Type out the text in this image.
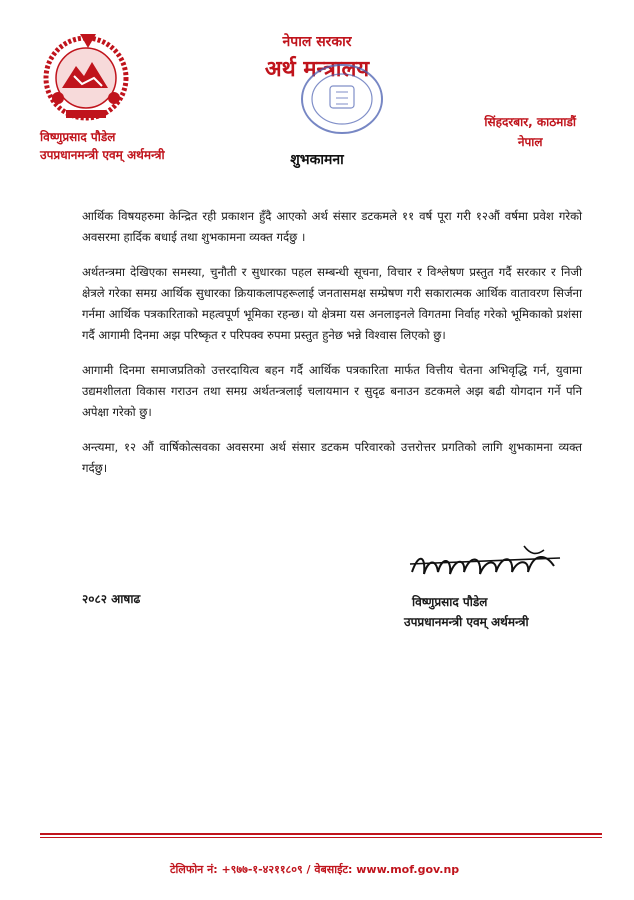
विष्णुप्रसाद पौडेल
उपप्रधानमन्त्री एवम् अर्थमन्त्री
नेपाल सरकार
अर्थ मन्त्रालय
सिंहदरबार, काठमाडौं
नेपाल
शुभकामना

आर्थिक विषयहरुमा केन्द्रित रही प्रकाशन हुँदै आएको अर्थ संसार डटकमले ११ वर्ष पूरा गरी १२औं वर्षमा प्रवेश गरेको अवसरमा हार्दिक बधाई तथा शुभकामना व्यक्त गर्दछु ।

अर्थतन्त्रमा देखिएका समस्या, चुनौती र सुधारका पहल सम्बन्धी सूचना, विचार र विश्लेषण प्रस्तुत गर्दै सरकार र निजी क्षेत्रले गरेका समग्र आर्थिक सुधारका क्रियाकलापहरूलाई जनतासमक्ष सम्प्रेषण गरी सकारात्मक आर्थिक वातावरण सिर्जना गर्नमा आर्थिक पत्रकारिताको महत्वपूर्ण भूमिका रहन्छ। यो क्षेत्रमा यस अनलाइनले विगतमा निर्वाह गरेको भूमिकाको प्रशंसा गर्दै आगामी दिनमा अझ परिष्कृत र परिपक्व रुपमा प्रस्तुत हुनेछ भन्ने विश्वास लिएको छु।

आगामी दिनमा समाजप्रतिको उत्तरदायित्व बहन गर्दै आर्थिक पत्रकारिता मार्फत वित्तीय चेतना अभिवृद्धि गर्न, युवामा उद्यमशीलता विकास गराउन तथा समग्र अर्थतन्त्रलाई चलायमान र सुदृढ बनाउन डटकमले अझ बढी योगदान गर्ने पनि अपेक्षा गरेको छु।

अन्त्यमा, १२ औं वार्षिकोत्सवका अवसरमा अर्थ संसार डटकम परिवारको उत्तरोत्तर प्रगतिको लागि शुभकामना व्यक्त गर्दछु।

२०८२ आषाढ	विष्णुप्रसाद पौडेल
उपप्रधानमन्त्री एवम् अर्थमन्त्री
टेलिफोन नं: +९७७-१-४२११८०९ / वेबसाईट: www.mof.gov.np
